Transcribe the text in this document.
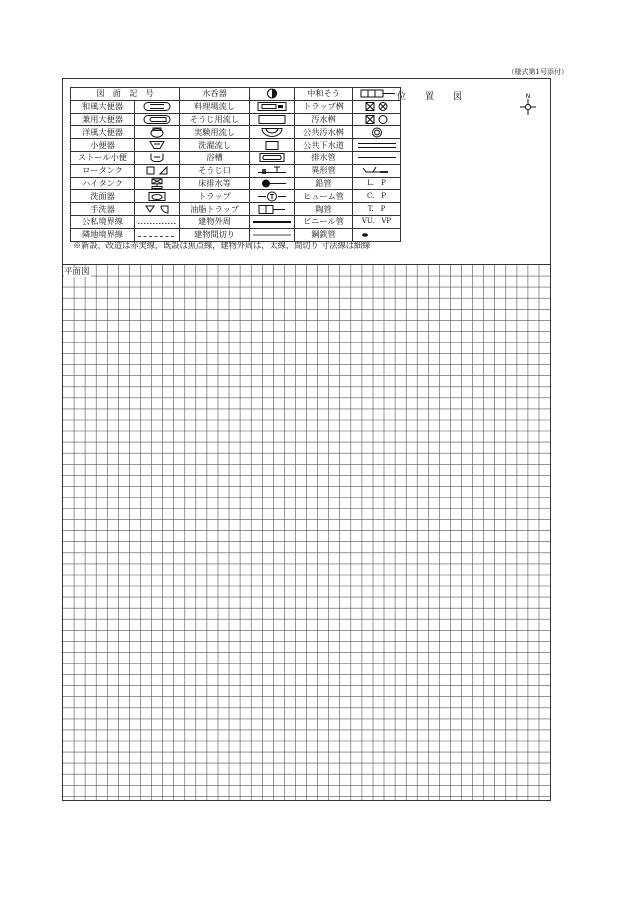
（様式第1号添付）
図　面　記　号		水呑器		中和そう	

和風大便器		料理場流し		トラップ桝	

兼用大便器		そうじ用流し		汚水桝	

洋風大便器		実験用流し		公共汚水桝	

小便器		洗濯流し		公共下水道	

ストール小便		浴槽		排水管	

ロータンク		そうじ口		異形管	

ハイタンク		床排水等		鉛管	L.　P
洗面器		トラップ		ヒューム管	C.　P
手洗器		油脂トラップ		陶管	T.　P
公私境界線		建物外周		ビニール管	VU.　VP
隣地境界線		建物間切り		鋼鉄管	
※新設，改造は赤実線，既設は黒点線，建物外周は，太線，間切り 寸法線は細線
位　置　図	N
平面図
